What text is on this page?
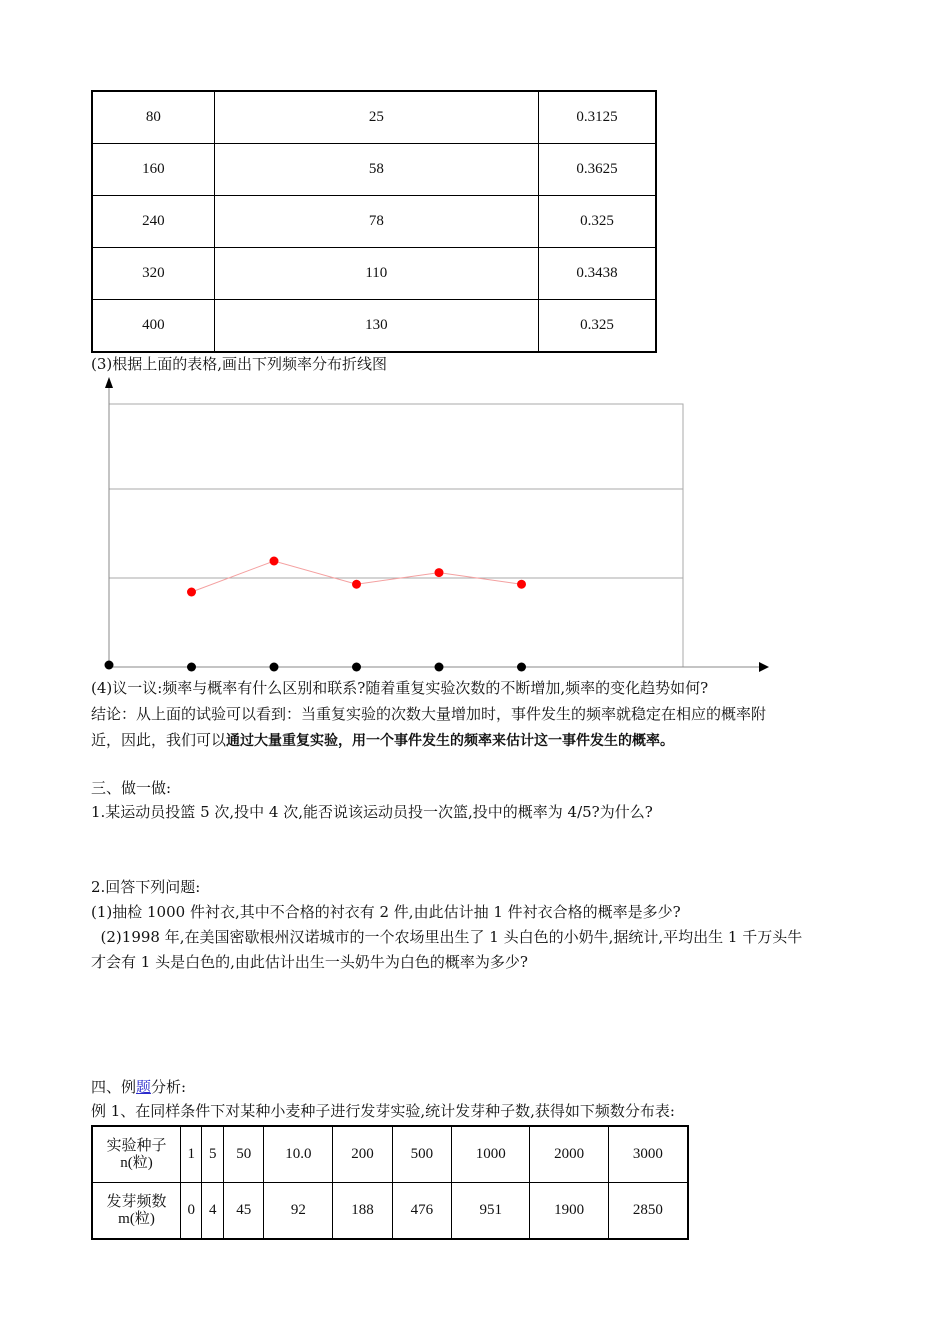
80	25	0.3125
160	58	0.3625
240	78	0.325
320	110	0.3438
400	130	0.325
(3)根据上面的表格,画出下列频率分布折线图
(4)议一议:频率与概率有什么区别和联系?随着重复实验次数的不断增加,频率的变化趋势如何?
结论：从上面的试验可以看到：当重复实验的次数大量增加时，事件发生的频率就稳定在相应的概率附
近，因此，我们可以通过大量重复实验，用一个事件发生的频率来估计这一事件发生的概率。
三、做一做:
1.某运动员投篮 5 次,投中 4 次,能否说该运动员投一次篮,投中的概率为 4/5?为什么?
2.回答下列问题:
(1)抽检 1000 件衬衣,其中不合格的衬衣有 2 件,由此估计抽 1 件衬衣合格的概率是多少?
(2)1998 年,在美国密歇根州汉诺城市的一个农场里出生了 1 头白色的小奶牛,据统计,平均出生 1 千万头牛
才会有 1 头是白色的,由此估计出生一头奶牛为白色的概率为多少?
四、例题分析:
例 1、在同样条件下对某种小麦种子进行发芽实验,统计发芽种子数,获得如下频数分布表:
实验种子
n(粒)	1	5	50	10.0	200	500	1000	2000	3000
发芽频数
m(粒)	0	4	45	92	188	476	951	1900	2850
